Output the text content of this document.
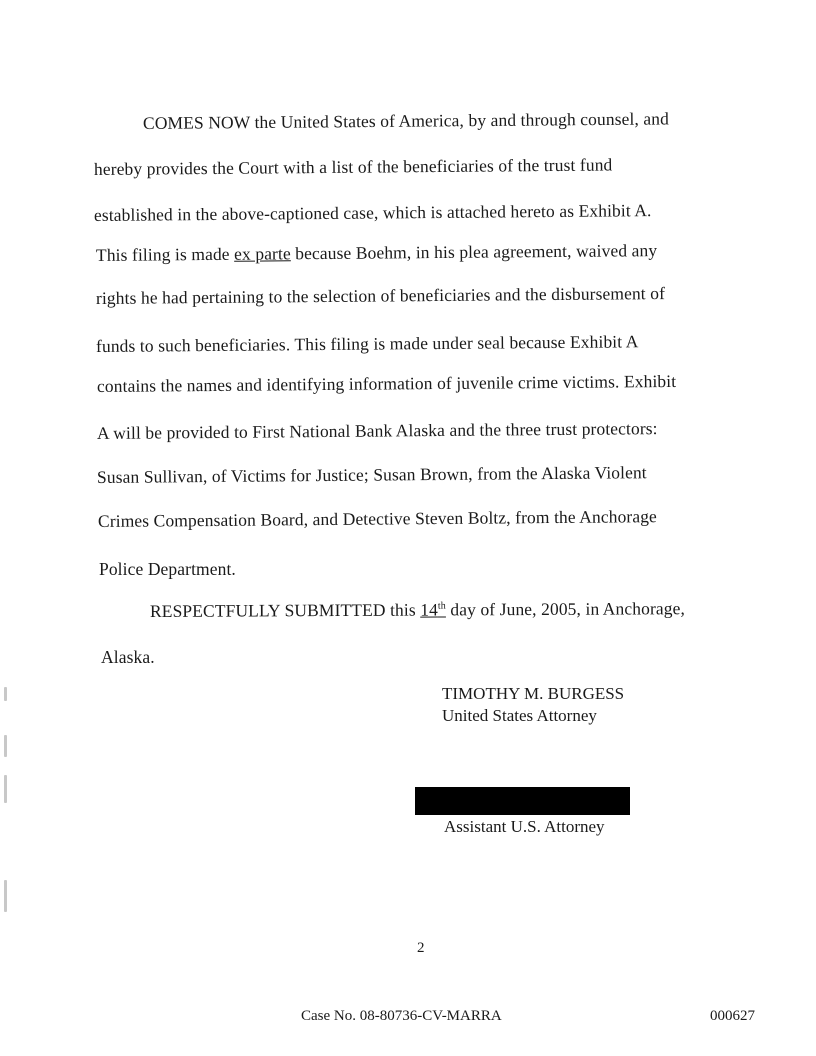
COMES NOW the United States of America, by and through counsel, and
hereby provides the Court with a list of the beneficiaries of the trust fund
established in the above-captioned case, which is attached hereto as Exhibit A.
This filing is made ex parte because Boehm, in his plea agreement, waived any
rights he had pertaining to the selection of beneficiaries and the disbursement of
funds to such beneficiaries. This filing is made under seal because Exhibit A
contains the names and identifying information of juvenile crime victims. Exhibit
A will be provided to First National Bank Alaska and the three trust protectors:
Susan Sullivan, of Victims for Justice; Susan Brown, from the Alaska Violent
Crimes Compensation Board, and Detective Steven Boltz, from the Anchorage
Police Department.
RESPECTFULLY SUBMITTED this 14th day of June, 2005, in Anchorage,
Alaska.
TIMOTHY M. BURGESS
United States Attorney
Assistant U.S. Attorney
2
Case No. 08-80736-CV-MARRA	000627
